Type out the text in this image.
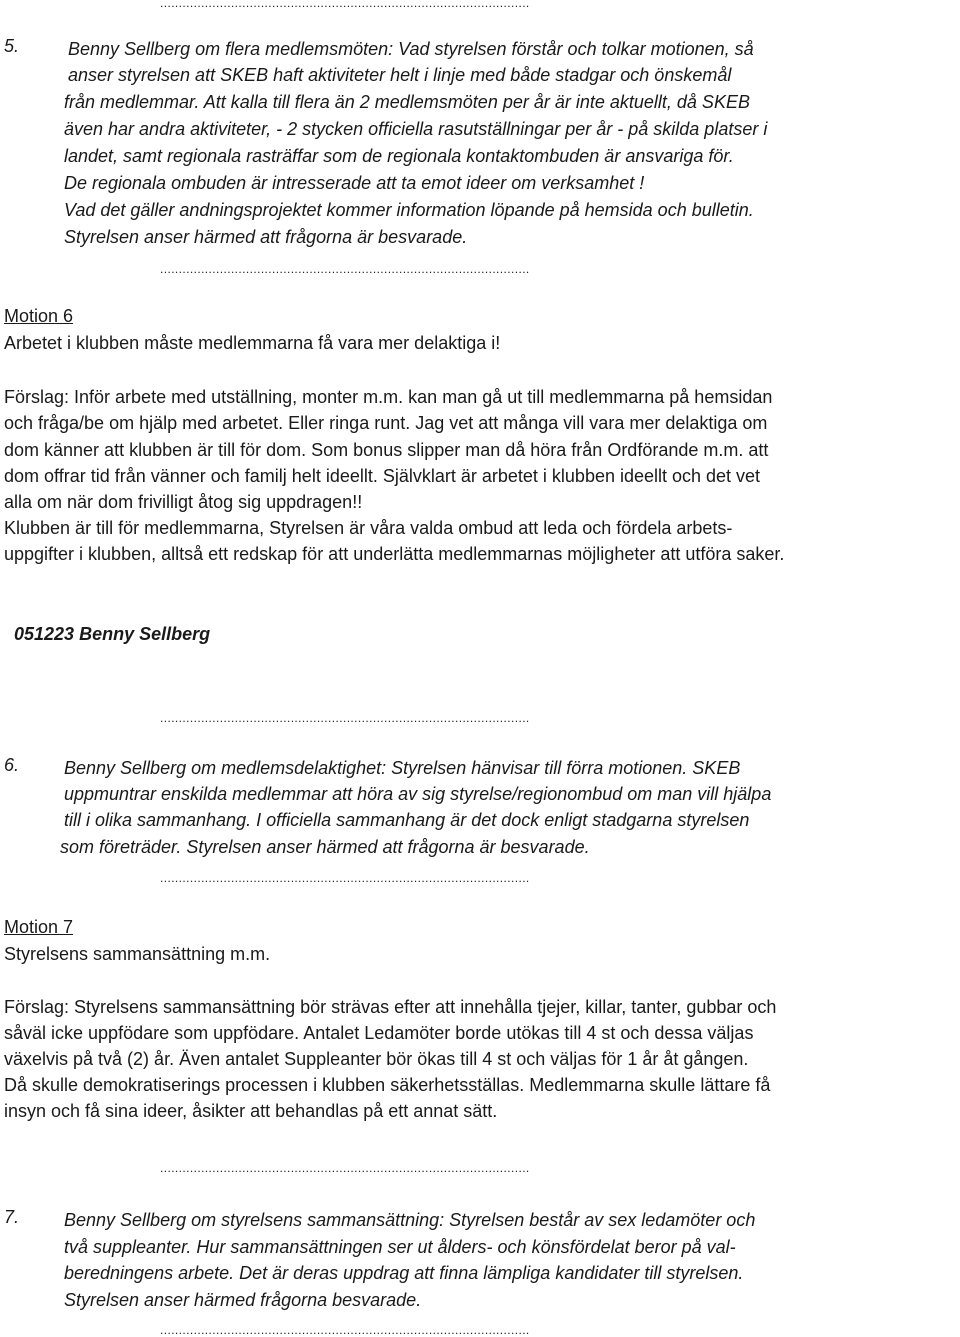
...................................................................................................
5.	Benny Sellberg om flera medlemsmöten: Vad styrelsen förstår och tolkar motionen, så
anser styrelsen att SKEB haft aktiviteter helt i linje med både stadgar och önskemål
från medlemmar. Att kalla till flera än 2 medlemsmöten per år är inte aktuellt, då SKEB
även har andra aktiviteter, - 2 stycken officiella rasutställningar per år - på skilda platser i
landet, samt regionala rasträffar som de regionala kontaktombuden är ansvariga för.
De regionala ombuden är intresserade att ta emot ideer om verksamhet !
Vad det gäller andningsprojektet kommer information löpande på hemsida och bulletin.
Styrelsen anser härmed att frågorna är besvarade.
...................................................................................................
Motion 6
Arbetet i klubben måste medlemmarna få vara mer delaktiga i!
Förslag: Inför arbete med utställning, monter m.m. kan man gå ut till medlemmarna på hemsidan
och fråga/be om hjälp med arbetet. Eller ringa runt. Jag vet att många vill vara mer delaktiga om
dom känner att klubben är till för dom. Som bonus slipper man då höra från Ordförande m.m. att
dom offrar tid från vänner och familj helt ideellt. Självklart är arbetet i klubben ideellt och det vet
alla om när dom frivilligt åtog sig uppdragen!!
Klubben är till för medlemmarna, Styrelsen är våra valda ombud att leda och fördela arbets-
uppgifter i klubben, alltså ett redskap för att underlätta medlemmarnas möjligheter att utföra saker.
051223 Benny Sellberg
...................................................................................................
6. Benny Sellberg om medlemsdelaktighet: Styrelsen hänvisar till förra motionen. SKEB
uppmuntrar enskilda medlemmar att höra av sig styrelse/regionombud om man vill hjälpa
till i olika sammanhang. I officiella sammanhang är det dock enligt stadgarna styrelsen
som företräder. Styrelsen anser härmed att frågorna är besvarade.
...................................................................................................
Motion 7
Styrelsens sammansättning m.m.
Förslag: Styrelsens sammansättning bör strävas efter att innehålla tjejer, killar, tanter, gubbar och
såväl icke uppfödare som uppfödare. Antalet Ledamöter borde utökas till 4 st och dessa väljas
växelvis på två (2) år. Även antalet Suppleanter bör ökas till 4 st och väljas för 1 år åt gången.
Då skulle demokratiserings processen i klubben säkerhetsställas. Medlemmarna skulle lättare få
insyn och få sina ideer, åsikter att behandlas på ett annat sätt.
...................................................................................................
7. Benny Sellberg om styrelsens sammansättning: Styrelsen består av sex ledamöter och
två suppleanter. Hur sammansättningen ser ut ålders- och könsfördelat beror på val-
beredningens arbete. Det är deras uppdrag att finna lämpliga kandidater till styrelsen.
Styrelsen anser härmed frågorna besvarade.
...................................................................................................
